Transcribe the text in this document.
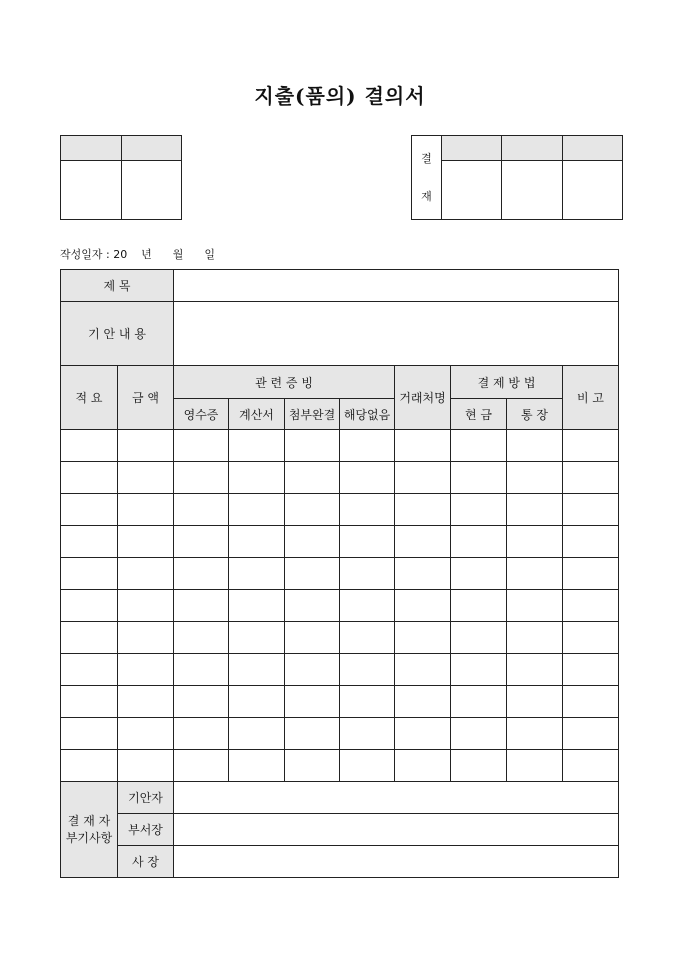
지출(품의) 결의서

결
재			

작성일자 : 20    년      월      일
제 목									
기 안 내 용									
적 요	금 액	관 련 증 빙				거래처명	결 제 방 법		비 고
		영수증	계산서	첨부완결	해당없음		현 금	통 장	

결 재 자
부기사항	기안자								
	부서장								
	사 장								
